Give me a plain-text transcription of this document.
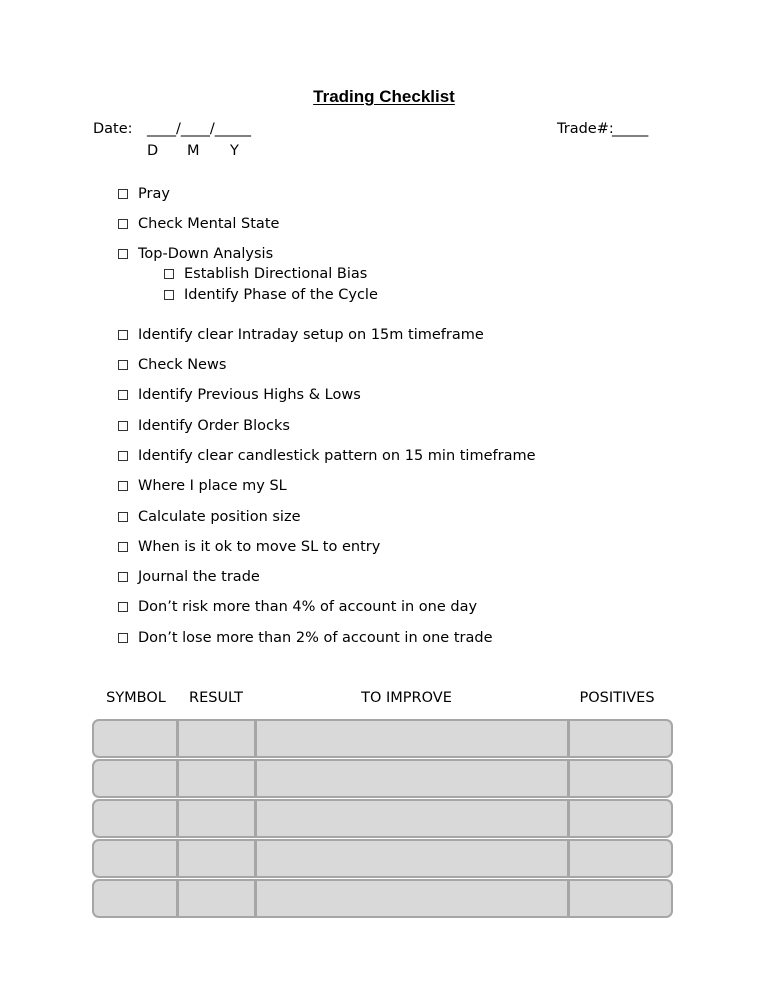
Trading Checklist
Date: ____/____/_____
D M Y
Trade#:
_____
Pray
Check Mental State
Top-Down Analysis
Establish Directional Bias
Identify Phase of the Cycle
Identify clear Intraday setup on 15m timeframe
Check News
Identify Previous Highs & Lows
Identify Order Blocks
Identify clear candlestick pattern on 15 min timeframe
Where I place my SL
Calculate position size
When is it ok to move SL to entry
Journal the trade
Don’t risk more than 4% of account in one day
Don’t lose more than 2% of account in one trade
SYMBOL	RESULT	TO IMPROVE	POSITIVES
